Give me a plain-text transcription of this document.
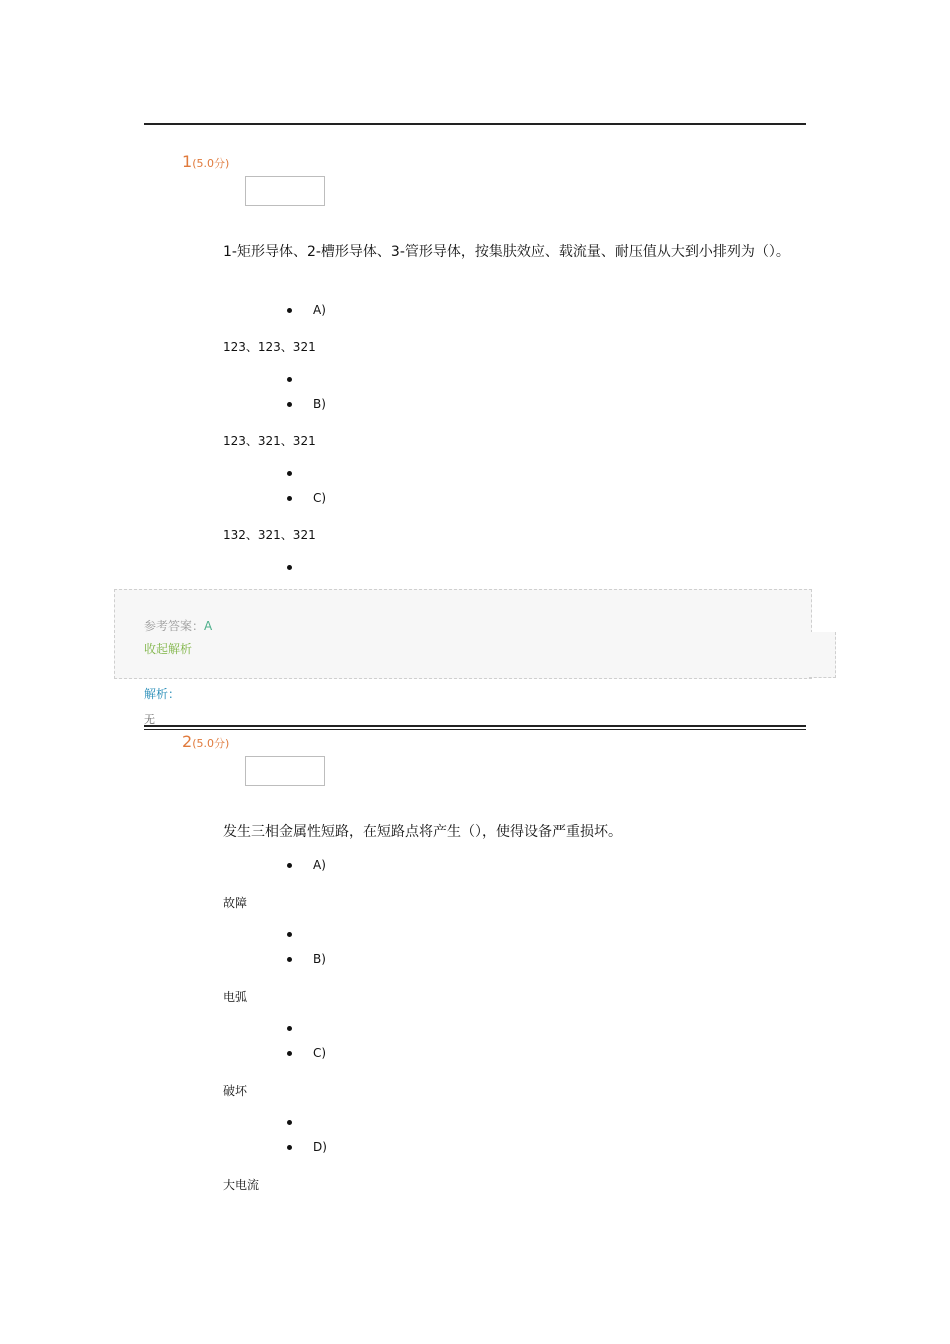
1(5.0分)
1-矩形导体、2-槽形导体、3-管形导体，按集肤效应、载流量、耐压值从大到小排列为（）。
A)
123、123、321
B)
123、321、321
C)
132、321、321
参考答案：A
收起解析
解析：
无
2(5.0分)
发生三相金属性短路，在短路点将产生（），使得设备严重损坏。
A)
故障
B)
电弧
C)
破坏
D)
大电流
